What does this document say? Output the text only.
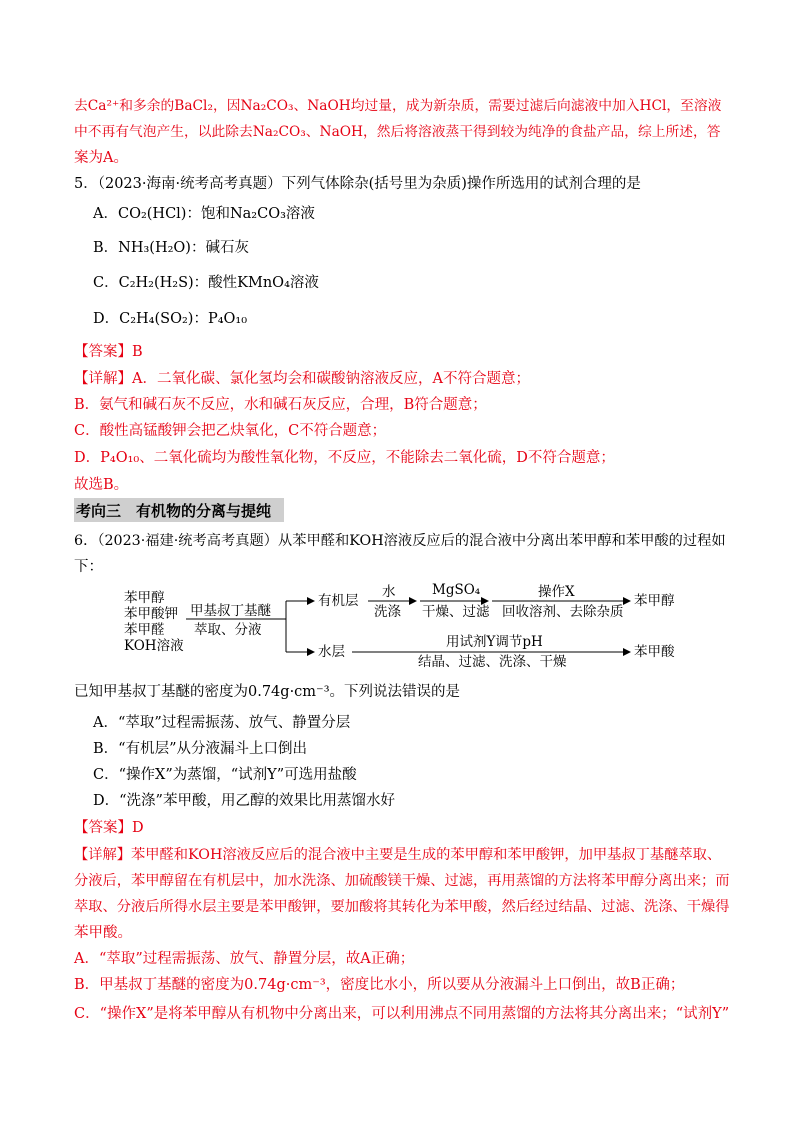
去Ca²⁺和多余的BaCl₂，因Na₂CO₃、NaOH均过量，成为新杂质，需要过滤后向滤液中加入HCl，至溶液
中不再有气泡产生，以此除去Na₂CO₃、NaOH，然后将溶液蒸干得到较为纯净的食盐产品，综上所述，答
案为A。
5．（2023·海南·统考高考真题）下列气体除杂(括号里为杂质)操作所选用的试剂合理的是
A．CO₂(HCl)：饱和Na₂CO₃溶液
B．NH₃(H₂O)：碱石灰
C．C₂H₂(H₂S)：酸性KMnO₄溶液
D．C₂H₄(SO₂)：P₄O₁₀
【答案】B
【详解】A．二氧化碳、氯化氢均会和碳酸钠溶液反应，A不符合题意；
B．氨气和碱石灰不反应，水和碱石灰反应，合理，B符合题意；
C．酸性高锰酸钾会把乙炔氧化，C不符合题意；
D．P₄O₁₀、二氧化硫均为酸性氧化物，不反应，不能除去二氧化硫，D不符合题意；
故选B。
考向三　有机物的分离与提纯
6．（2023·福建·统考高考真题）从苯甲醛和KOH溶液反应后的混合液中分离出苯甲醇和苯甲酸的过程如
下：
苯甲醇
苯甲酸钾
苯甲醛
KOH溶液
甲基叔丁基醚
萃取、分液
有机层
水
洗涤
MgSO₄
干燥、过滤
操作X
回收溶剂、去除杂质
苯甲醇
水层
用试剂Y调节pH
结晶、过滤、洗涤、干燥
苯甲酸
已知甲基叔丁基醚的密度为0.74g·cm⁻³。下列说法错误的是
A．“萃取”过程需振荡、放气、静置分层
B．“有机层”从分液漏斗上口倒出
C．“操作X”为蒸馏，“试剂Y”可选用盐酸
D．“洗涤”苯甲酸，用乙醇的效果比用蒸馏水好
【答案】D
【详解】苯甲醛和KOH溶液反应后的混合液中主要是生成的苯甲醇和苯甲酸钾，加甲基叔丁基醚萃取、
分液后，苯甲醇留在有机层中，加水洗涤、加硫酸镁干燥、过滤，再用蒸馏的方法将苯甲醇分离出来；而
萃取、分液后所得水层主要是苯甲酸钾，要加酸将其转化为苯甲酸，然后经过结晶、过滤、洗涤、干燥得
苯甲酸。
A．“萃取”过程需振荡、放气、静置分层，故A正确；
B．甲基叔丁基醚的密度为0.74g·cm⁻³，密度比水小，所以要从分液漏斗上口倒出，故B正确；
C．“操作X”是将苯甲醇从有机物中分离出来，可以利用沸点不同用蒸馏的方法将其分离出来；“试剂Y”
